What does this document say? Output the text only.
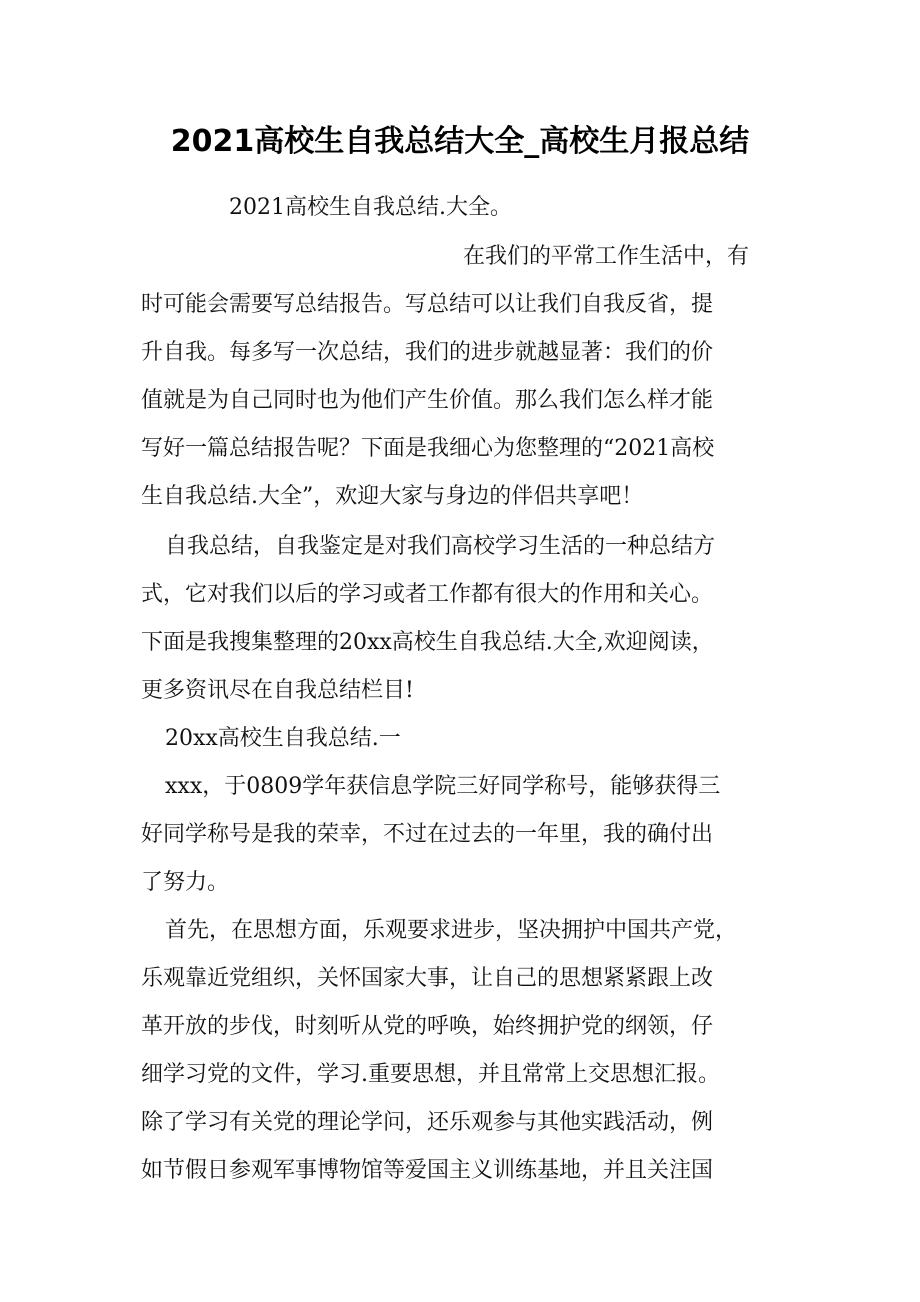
2021高校生自我总结大全_高校生月报总结

2021高校生自我总结.大全。

在我们的平常工作生活中，有

时可能会需要写总结报告。写总结可以让我们自我反省，提

升自我。每多写一次总结，我们的进步就越显著：我们的价

值就是为自己同时也为他们产生价值。那么我们怎么样才能

写好一篇总结报告呢？下面是我细心为您整理的“2021高校

生自我总结.大全”，欢迎大家与身边的伴侣共享吧！

自我总结，自我鉴定是对我们高校学习生活的一种总结方

式，它对我们以后的学习或者工作都有很大的作用和关心。

下面是我搜集整理的20xx高校生自我总结.大全,欢迎阅读，

更多资讯尽在自我总结栏目!

20xx高校生自我总结.一

xxx，于0809学年获信息学院三好同学称号，能够获得三

好同学称号是我的荣幸，不过在过去的一年里，我的确付出

了努力。

首先，在思想方面，乐观要求进步，坚决拥护中国共产党，

乐观靠近党组织，关怀国家大事，让自己的思想紧紧跟上改

革开放的步伐，时刻听从党的呼唤，始终拥护党的纲领，仔

细学习党的文件，学习.重要思想，并且常常上交思想汇报。

除了学习有关党的理论学问，还乐观参与其他实践活动，例

如节假日参观军事博物馆等爱国主义训练基地，并且关注国
